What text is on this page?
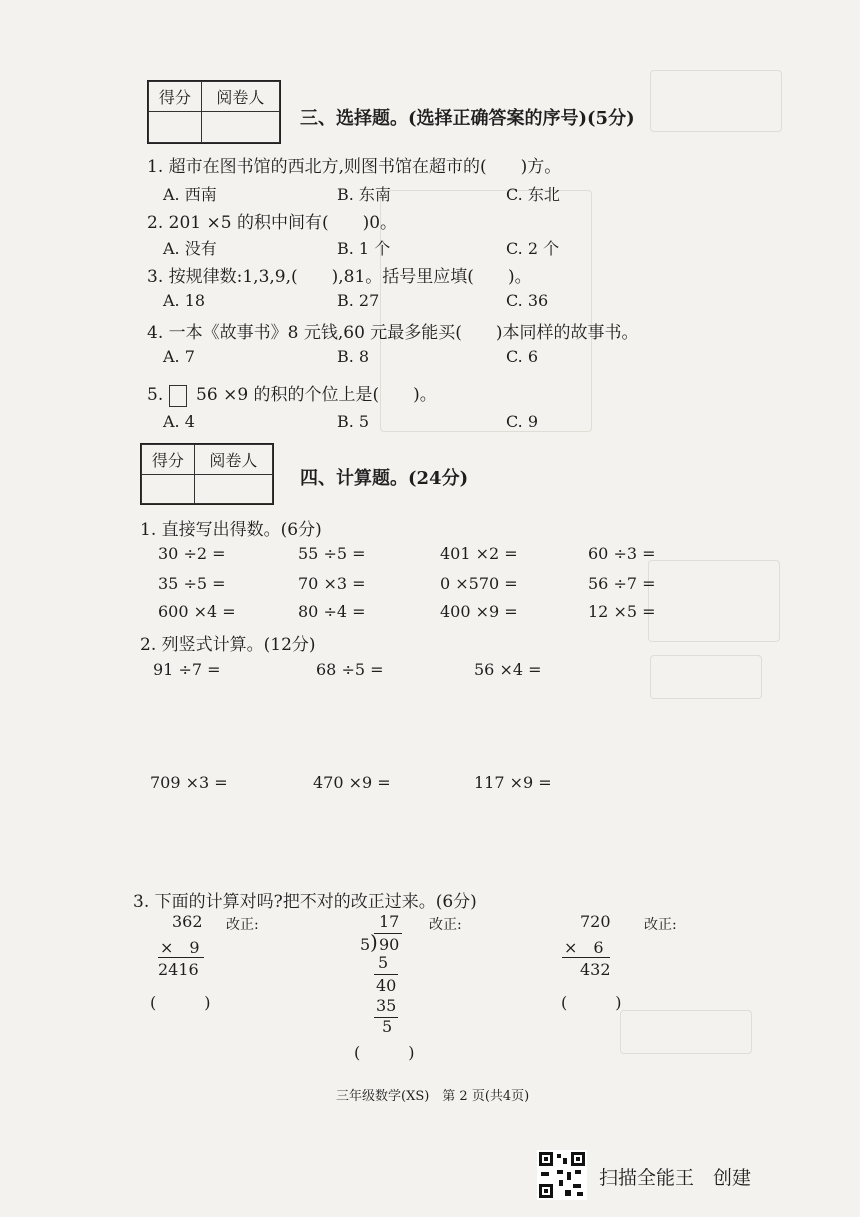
得分	阅卷人

三、选择题。(选择正确答案的序号)(5分)
1. 超市在图书馆的西北方,则图书馆在超市的(　　)方。
A. 西南	B. 东南	C. 东北
2. 201 ×5 的积中间有(　　)0。
A. 没有	B. 1 个	C. 2 个
3. 按规律数:1,3,9,(　　),81。括号里应填(　　)。
A. 18	B. 27	C. 36
4. 一本《故事书》8 元钱,60 元最多能买(　　)本同样的故事书。
A. 7	B. 8	C. 6
5. 56 ×9 的积的个位上是(　　)。
A. 4	B. 5	C. 9
得分	阅卷人

四、计算题。(24分)
1. 直接写出得数。(6分)
30 ÷2 =	55 ÷5 =	401 ×2 =	60 ÷3 =
35 ÷5 =	70 ×3 =	0 ×570 =	56 ÷7 =
600 ×4 =	80 ÷4 =	400 ×9 =	12 ×5 =
2. 列竖式计算。(12分)
91 ÷7 =	68 ÷5 =	56 ×4 =
709 ×3 =	470 ×9 =	117 ×9 =
3. 下面的计算对吗?把不对的改正过来。(6分)
362 改正:
×　9
2416
(　　　)
17 改正:
5 ) 90
5
40
35
5
(　　　)
720 改正:
×　6
432
(　　　)
三年级数学(XS)　第 2 页(共4页)
扫描全能王　创建
